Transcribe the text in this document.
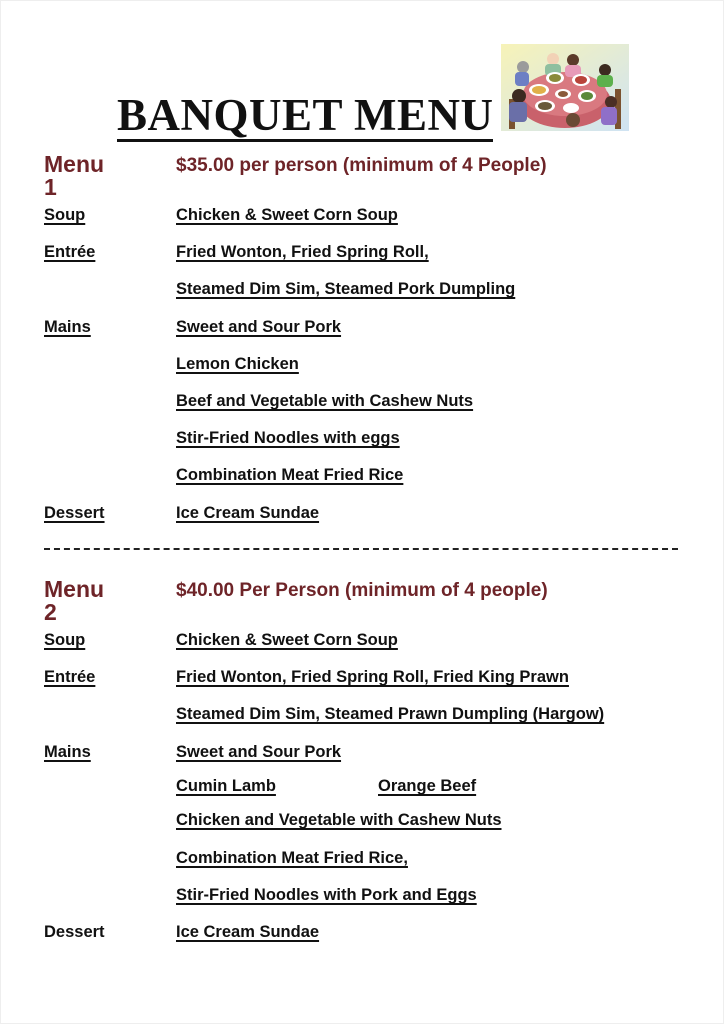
BANQUET MENU
Menu 1
$35.00 per person (minimum of 4 People)
Soup	Chicken & Sweet Corn Soup
Entrée	Fried Wonton, Fried Spring Roll,
Steamed Dim Sim, Steamed Pork Dumpling
Mains	Sweet and Sour Pork
Lemon Chicken
Beef and Vegetable with Cashew Nuts
Stir-Fried Noodles with eggs
Combination Meat Fried Rice
Dessert	Ice Cream Sundae
Menu 2
$40.00 Per Person (minimum of 4 people)
Soup	Chicken & Sweet Corn Soup
Entrée	Fried Wonton, Fried Spring Roll, Fried King Prawn
Steamed Dim Sim, Steamed Prawn Dumpling (Hargow)
Mains	Sweet and Sour Pork
Cumin Lamb	Orange Beef
Chicken and Vegetable with Cashew Nuts
Combination Meat Fried Rice,
Stir-Fried Noodles with Pork and Eggs
Dessert	Ice Cream Sundae
